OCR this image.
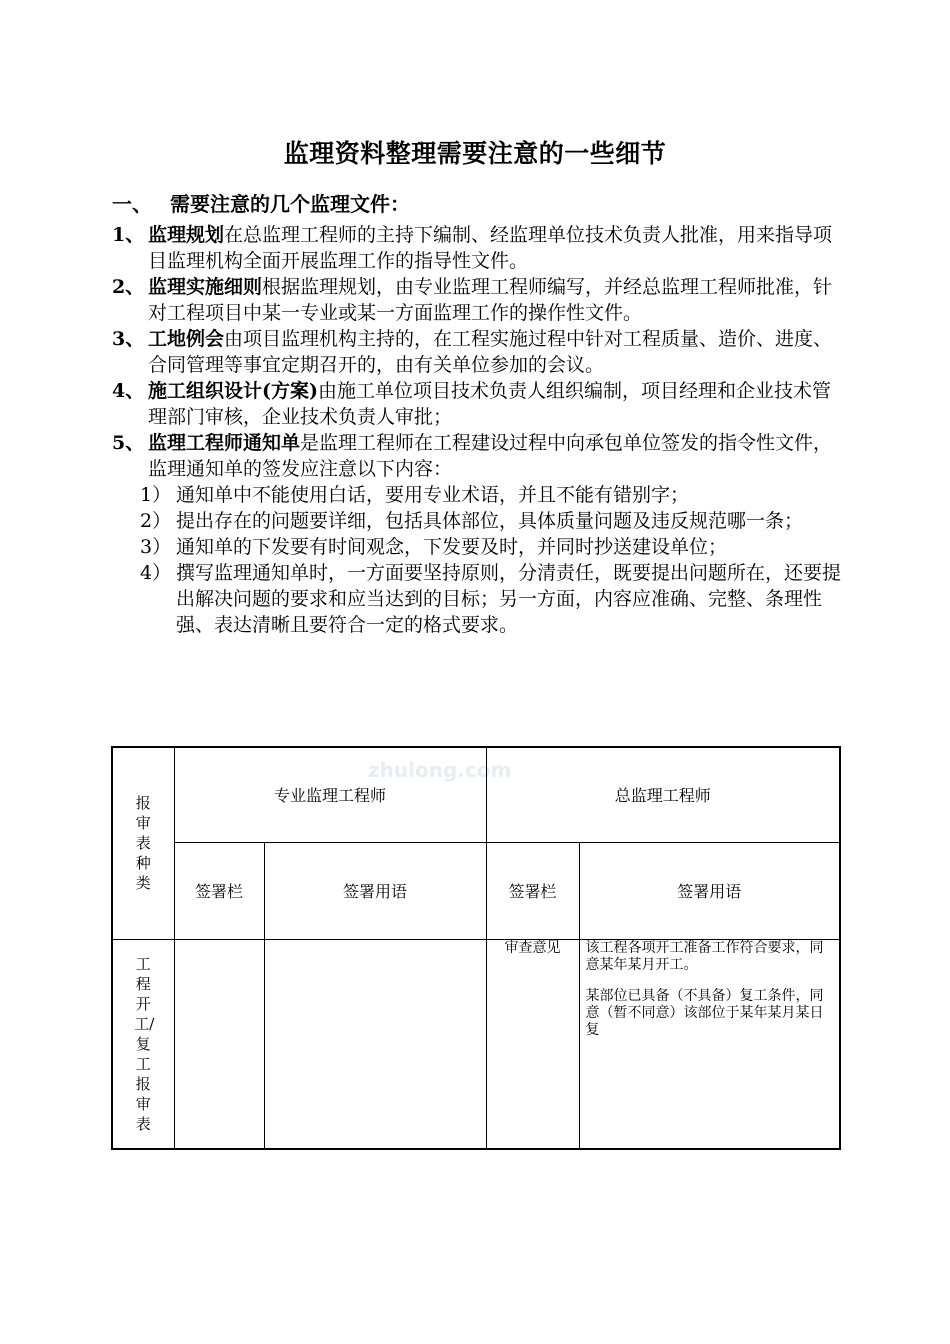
zhulong.com
监理资料整理需要注意的一些细节
一、 需要注意的几个监理文件：
1、 监理规划在总监理工程师的主持下编制、经监理单位技术负责人批准，用来指导项目监理机构全面开展监理工作的指导性文件。
2、 监理实施细则根据监理规划，由专业监理工程师编写，并经总监理工程师批准，针对工程项目中某一专业或某一方面监理工作的操作性文件。
3、 工地例会由项目监理机构主持的，在工程实施过程中针对工程质量、造价、进度、合同管理等事宜定期召开的，由有关单位参加的会议。
4、 施工组织设计(方案)由施工单位项目技术负责人组织编制，项目经理和企业技术管理部门审核，企业技术负责人审批；
5、 监理工程师通知单是监理工程师在工程建设过程中向承包单位签发的指令性文件，监理通知单的签发应注意以下内容：
1） 通知单中不能使用白话，要用专业术语，并且不能有错别字；
2） 提出存在的问题要详细，包括具体部位，具体质量问题及违反规范哪一条；
3） 通知单的下发要有时间观念，下发要及时，并同时抄送建设单位；
4） 撰写监理通知单时，一方面要坚持原则，分清责任，既要提出问题所在，还要提出解决问题的要求和应当达到的目标；另一方面，内容应准确、完整、条理性强、表达清晰且要符合一定的格式要求。
报审表种类	专业监理工程师		总监理工程师	
	签署栏	签署用语	签署栏	签署用语
工程开工/复工报审表			审查意见	该工程各项开工准备工作符合要求，同意某年某月开工。
某部位已具备（不具备）复工条件，同意（暂不同意）该部位于某年某月某日复
